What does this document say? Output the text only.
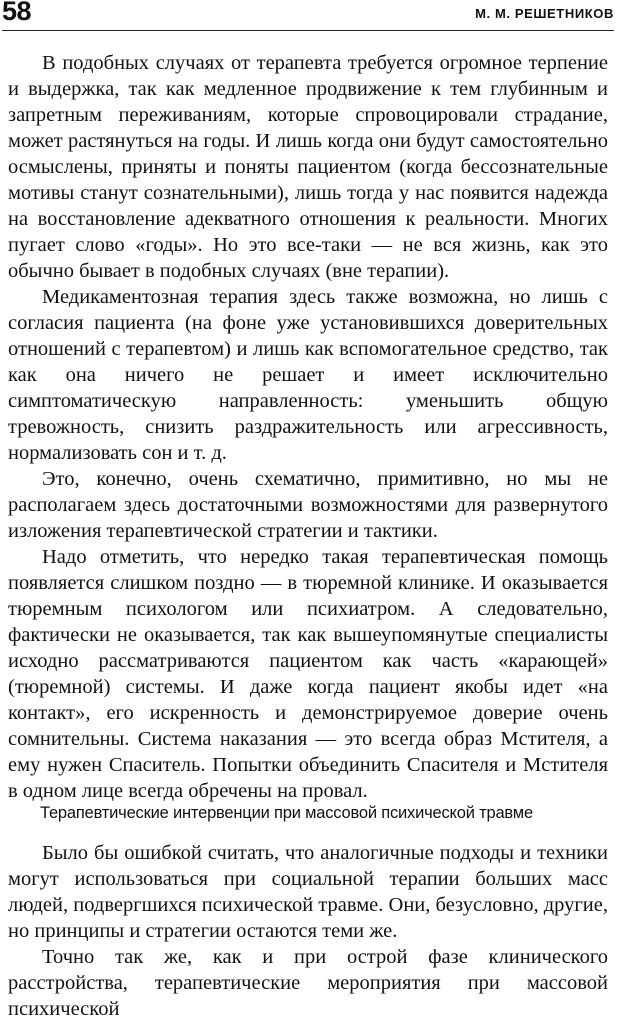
58	М. М. РЕШЕТНИКОВ

В подобных случаях от терапевта требуется огромное терпение и выдержка, так как медленное продвижение к тем глубинным и запретным переживаниям, которые спровоцировали страдание, может растянуться на годы. И лишь когда они будут самостоятельно осмыслены, приняты и поняты пациентом (когда бессознательные мотивы станут сознательными), лишь тогда у нас появится надежда на восстановление адекватного отношения к реальности. Многих пугает слово «годы». Но это все-таки — не вся жизнь, как это обычно бывает в подобных случаях (вне терапии).

Медикаментозная терапия здесь также возможна, но лишь с согласия пациента (на фоне уже установившихся доверительных отношений с терапевтом) и лишь как вспомогательное средство, так как она ничего не решает и имеет исключительно симптоматическую направленность: уменьшить общую тревожность, снизить раздражительность или агрессивность, нормализовать сон и т. д.

Это, конечно, очень схематично, примитивно, но мы не располагаем здесь достаточными возможностями для развернутого изложения терапевтической стратегии и тактики.

Надо отметить, что нередко такая терапевтическая помощь появляется слишком поздно — в тюремной клинике. И оказывается тюремным психологом или психиатром. А следовательно, фактически не оказывается, так как вышеупомянутые специалисты исходно рассматриваются пациентом как часть «карающей» (тюремной) системы. И даже когда пациент якобы идет «на контакт», его искренность и демонстрируемое доверие очень сомнительны. Система наказания — это всегда образ Мстителя, а ему нужен Спаситель. Попытки объединить Спасителя и Мстителя в одном лице всегда обречены на провал.

Терапевтические интервенции при массовой психической травме

Было бы ошибкой считать, что аналогичные подходы и техники могут использоваться при социальной терапии больших масс людей, подвергшихся психической травме. Они, безусловно, другие, но принципы и стратегии остаются теми же.

Точно так же, как и при острой фазе клинического расстройства, терапевтические мероприятия при массовой психической
